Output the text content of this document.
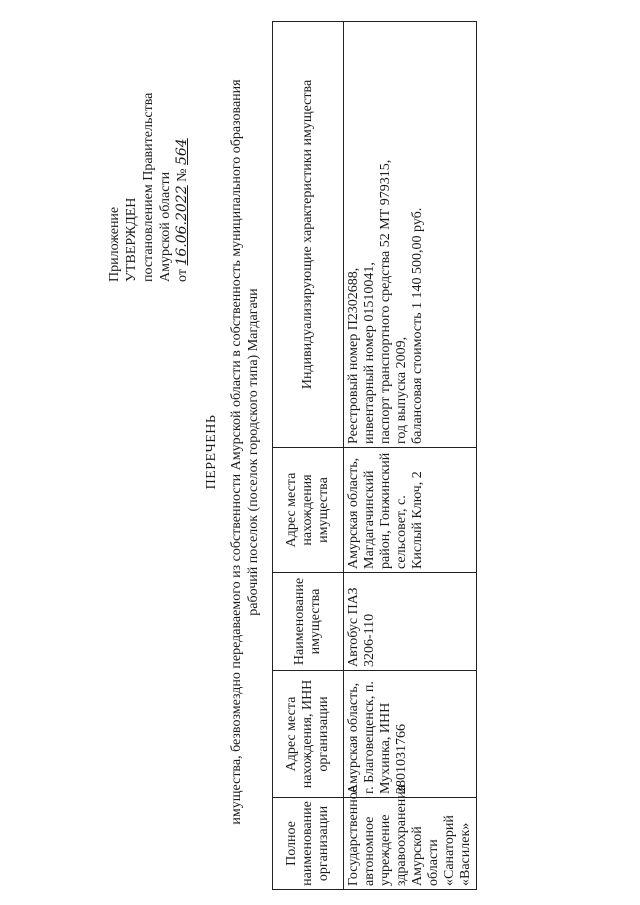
Приложение УТВЕРЖДЕН постановлением Правительства Амурской области от 16.06.2022 № 564
ПЕРЕЧЕНЬ имущества, безвозмездно передаваемого из собственности Амурской области в собственность муниципального образования рабочий поселок (поселок городского типа) Магдагачи
Полное наименование организации	Адрес места нахождения, ИНН организации	Наименование имущества	Адрес места нахождения имущества	Индивидуализирующие характеристики имущества
Государственное автономное учреждение здравоохранения Амурской области «Санаторий «Василек»	Амурская область, г. Благовещенск, п. Мухинка, ИНН 2801031766	Автобус ПАЗ 3206-110	Амурская область, Магдагачинский район, Гонжинский сельсовет, с. Кислый Ключ, 2	Реестровый номер П2302688, инвентарный номер 01510041, паспорт транспортного средства 52 МТ 979315, год выпуска 2009, балансовая стоимость 1 140 500,00 руб.
